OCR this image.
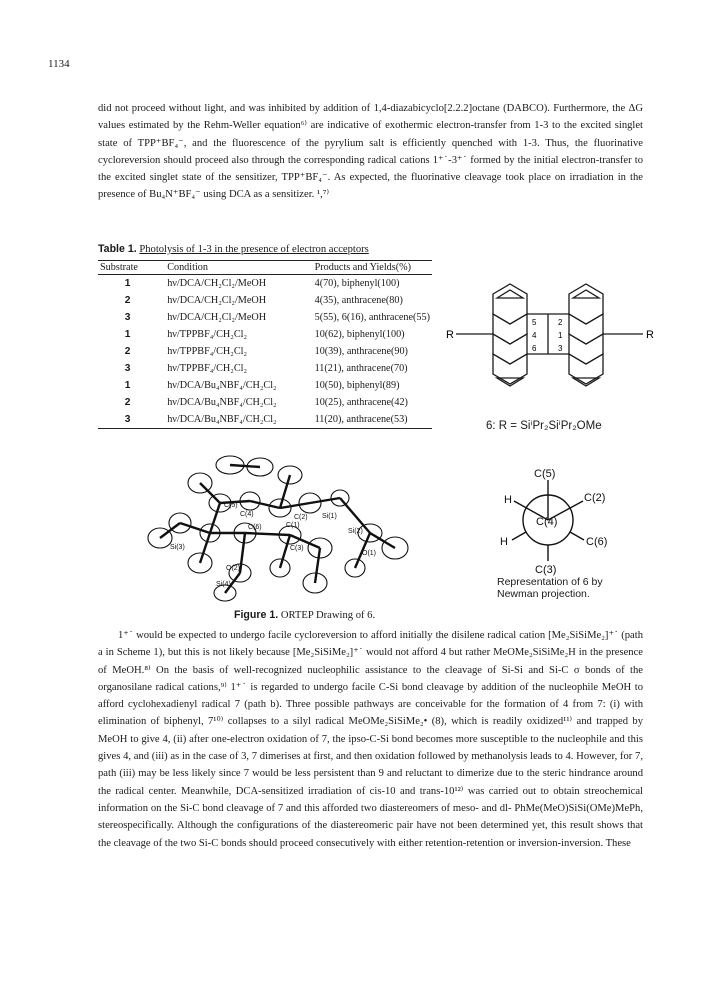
1134

did not proceed without light, and was inhibited by addition of 1,4-diazabicyclo[2.2.2]octane (DABCO). Furthermore, the ΔG values estimated by the Rehm-Weller equation⁶⁾ are indicative of exothermic electron-transfer from 1-3 to the excited singlet state of TPP⁺BF₄⁻, and the fluorescence of the pyrylium salt is efficiently quenched with 1-3. Thus, the fluorinative cycloreversion should proceed also through the corresponding radical cations 1⁺˙-3⁺˙ formed by the initial electron-transfer to the excited singlet state of the sensitizer, TPP⁺BF₄⁻. As expected, the fluorinative cleavage took place on irradiation in the presence of Bu₄N⁺BF₄⁻ using DCA as a sensitizer. ¹,⁷⁾

Table 1. Photolysis of 1-3 in the presence of electron acceptors
Substrate	Condition	Products and Yields(%)
1	hν/DCA/CH₂Cl₂/MeOH	4(70), biphenyl(100)
2	hν/DCA/CH₂Cl₂/MeOH	4(35), anthracene(80)
3	hν/DCA/CH₂Cl₂/MeOH	5(55), 6(16), anthracene(55)
1	hν/TPPBF₄/CH₂Cl₂	10(62), biphenyl(100)
2	hν/TPPBF₄/CH₂Cl₂	10(39), anthracene(90)
3	hν/TPPBF₄/CH₂Cl₂	11(21), anthracene(70)
1	hν/DCA/Bu₄NBF₄/CH₂Cl₂	10(50), biphenyl(89)
2	hν/DCA/Bu₄NBF₄/CH₂Cl₂	10(25), anthracene(42)
3	hν/DCA/Bu₄NBF₄/CH₂Cl₂	11(20), anthracene(53)
R	R
5	2
4	1
6	3
6: R = SiⁱPr₂SiⁱPr₂OMe
C(5)
C(4)	C(2) Si(1)
C(1)
C(6)
Si(2)
Si(3)	C(3)
O(1)
O(2)
Si(4)
C(5)
H	C(2)
C(4)
H	C(6)
C(3)
Representation of 6 by
Newman projection.
Figure 1. ORTEP Drawing of 6.

1⁺˙ would be expected to undergo facile cycloreversion to afford initially the disilene radical cation [Me₂SiSiMe₂]⁺˙ (path a in Scheme 1), but this is not likely because [Me₂SiSiMe₂]⁺˙ would not afford 4 but rather MeOMe₂SiSiMe₂H in the presence of MeOH.⁸⁾ On the basis of well-recognized nucleophilic assistance to the cleavage of Si-Si and Si-C σ bonds of the organosilane radical cations,⁹⁾ 1⁺˙ is regarded to undergo facile C-Si bond cleavage by addition of the nucleophile MeOH to afford cyclohexadienyl radical 7 (path b). Three possible pathways are conceivable for the formation of 4 from 7: (i) with elimination of biphenyl, 7¹⁰⁾ collapses to a silyl radical MeOMe₂SiSiMe₂• (8), which is readily oxidized¹¹⁾ and trapped by MeOH to give 4, (ii) after one-electron oxidation of 7, the ipso-C-Si bond becomes more susceptible to the nucleophile and this gives 4, and (iii) as in the case of 3, 7 dimerises at first, and then oxidation followed by methanolysis leads to 4. However, for 7, path (iii) may be less likely since 7 would be less persistent than 9 and reluctant to dimerize due to the steric hindrance around the radical center. Meanwhile, DCA-sensitized irradiation of cis-10 and trans-10¹²⁾ was carried out to obtain streochemical information on the Si-C bond cleavage of 7 and this afforded two diastereomers of meso- and dl- PhMe(MeO)SiSi(OMe)MePh, stereospecifically. Although the configurations of the diastereomeric pair have not been determined yet, this result shows that the cleavage of the two Si-C bonds should proceed consecutively with either retention-retention or inversion-inversion. These
